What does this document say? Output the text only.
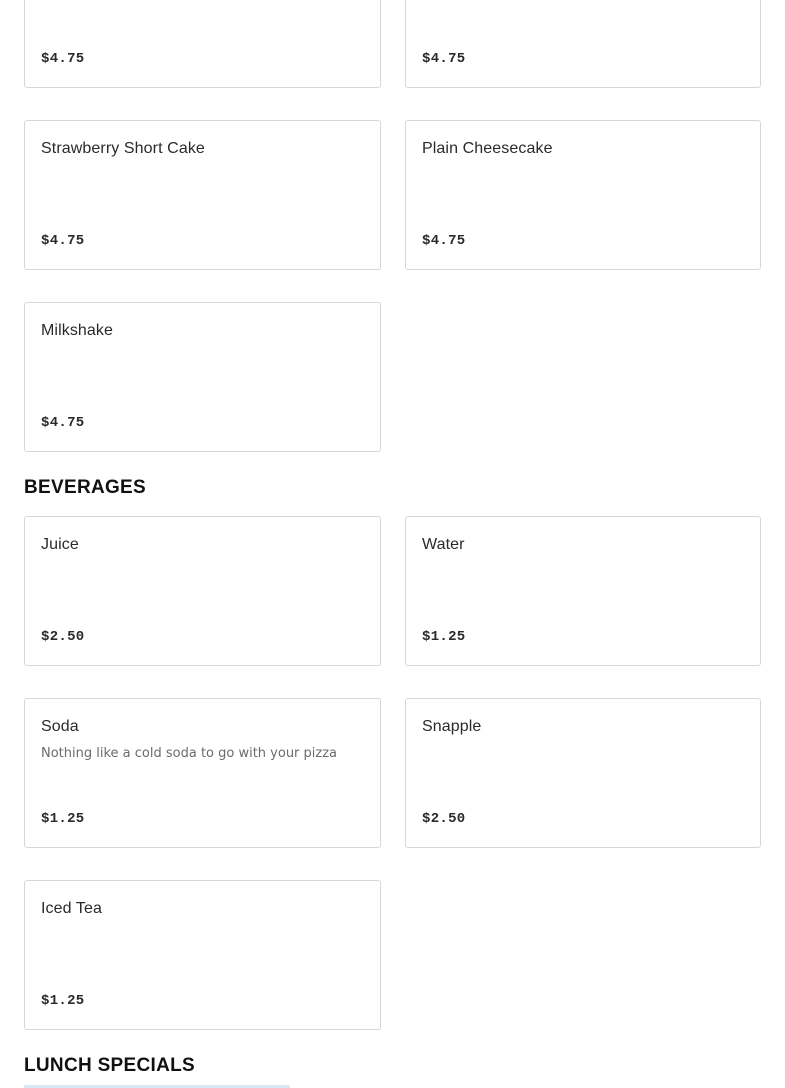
$4.75	$4.75
Strawberry Short Cake
$4.75
Plain Cheesecake
$4.75
Milkshake
$4.75
BEVERAGES
Juice
$2.50
Water
$1.25
Soda
Nothing like a cold soda to go with your pizza
$1.25
Snapple
$2.50
Iced Tea
$1.25
LUNCH SPECIALS
